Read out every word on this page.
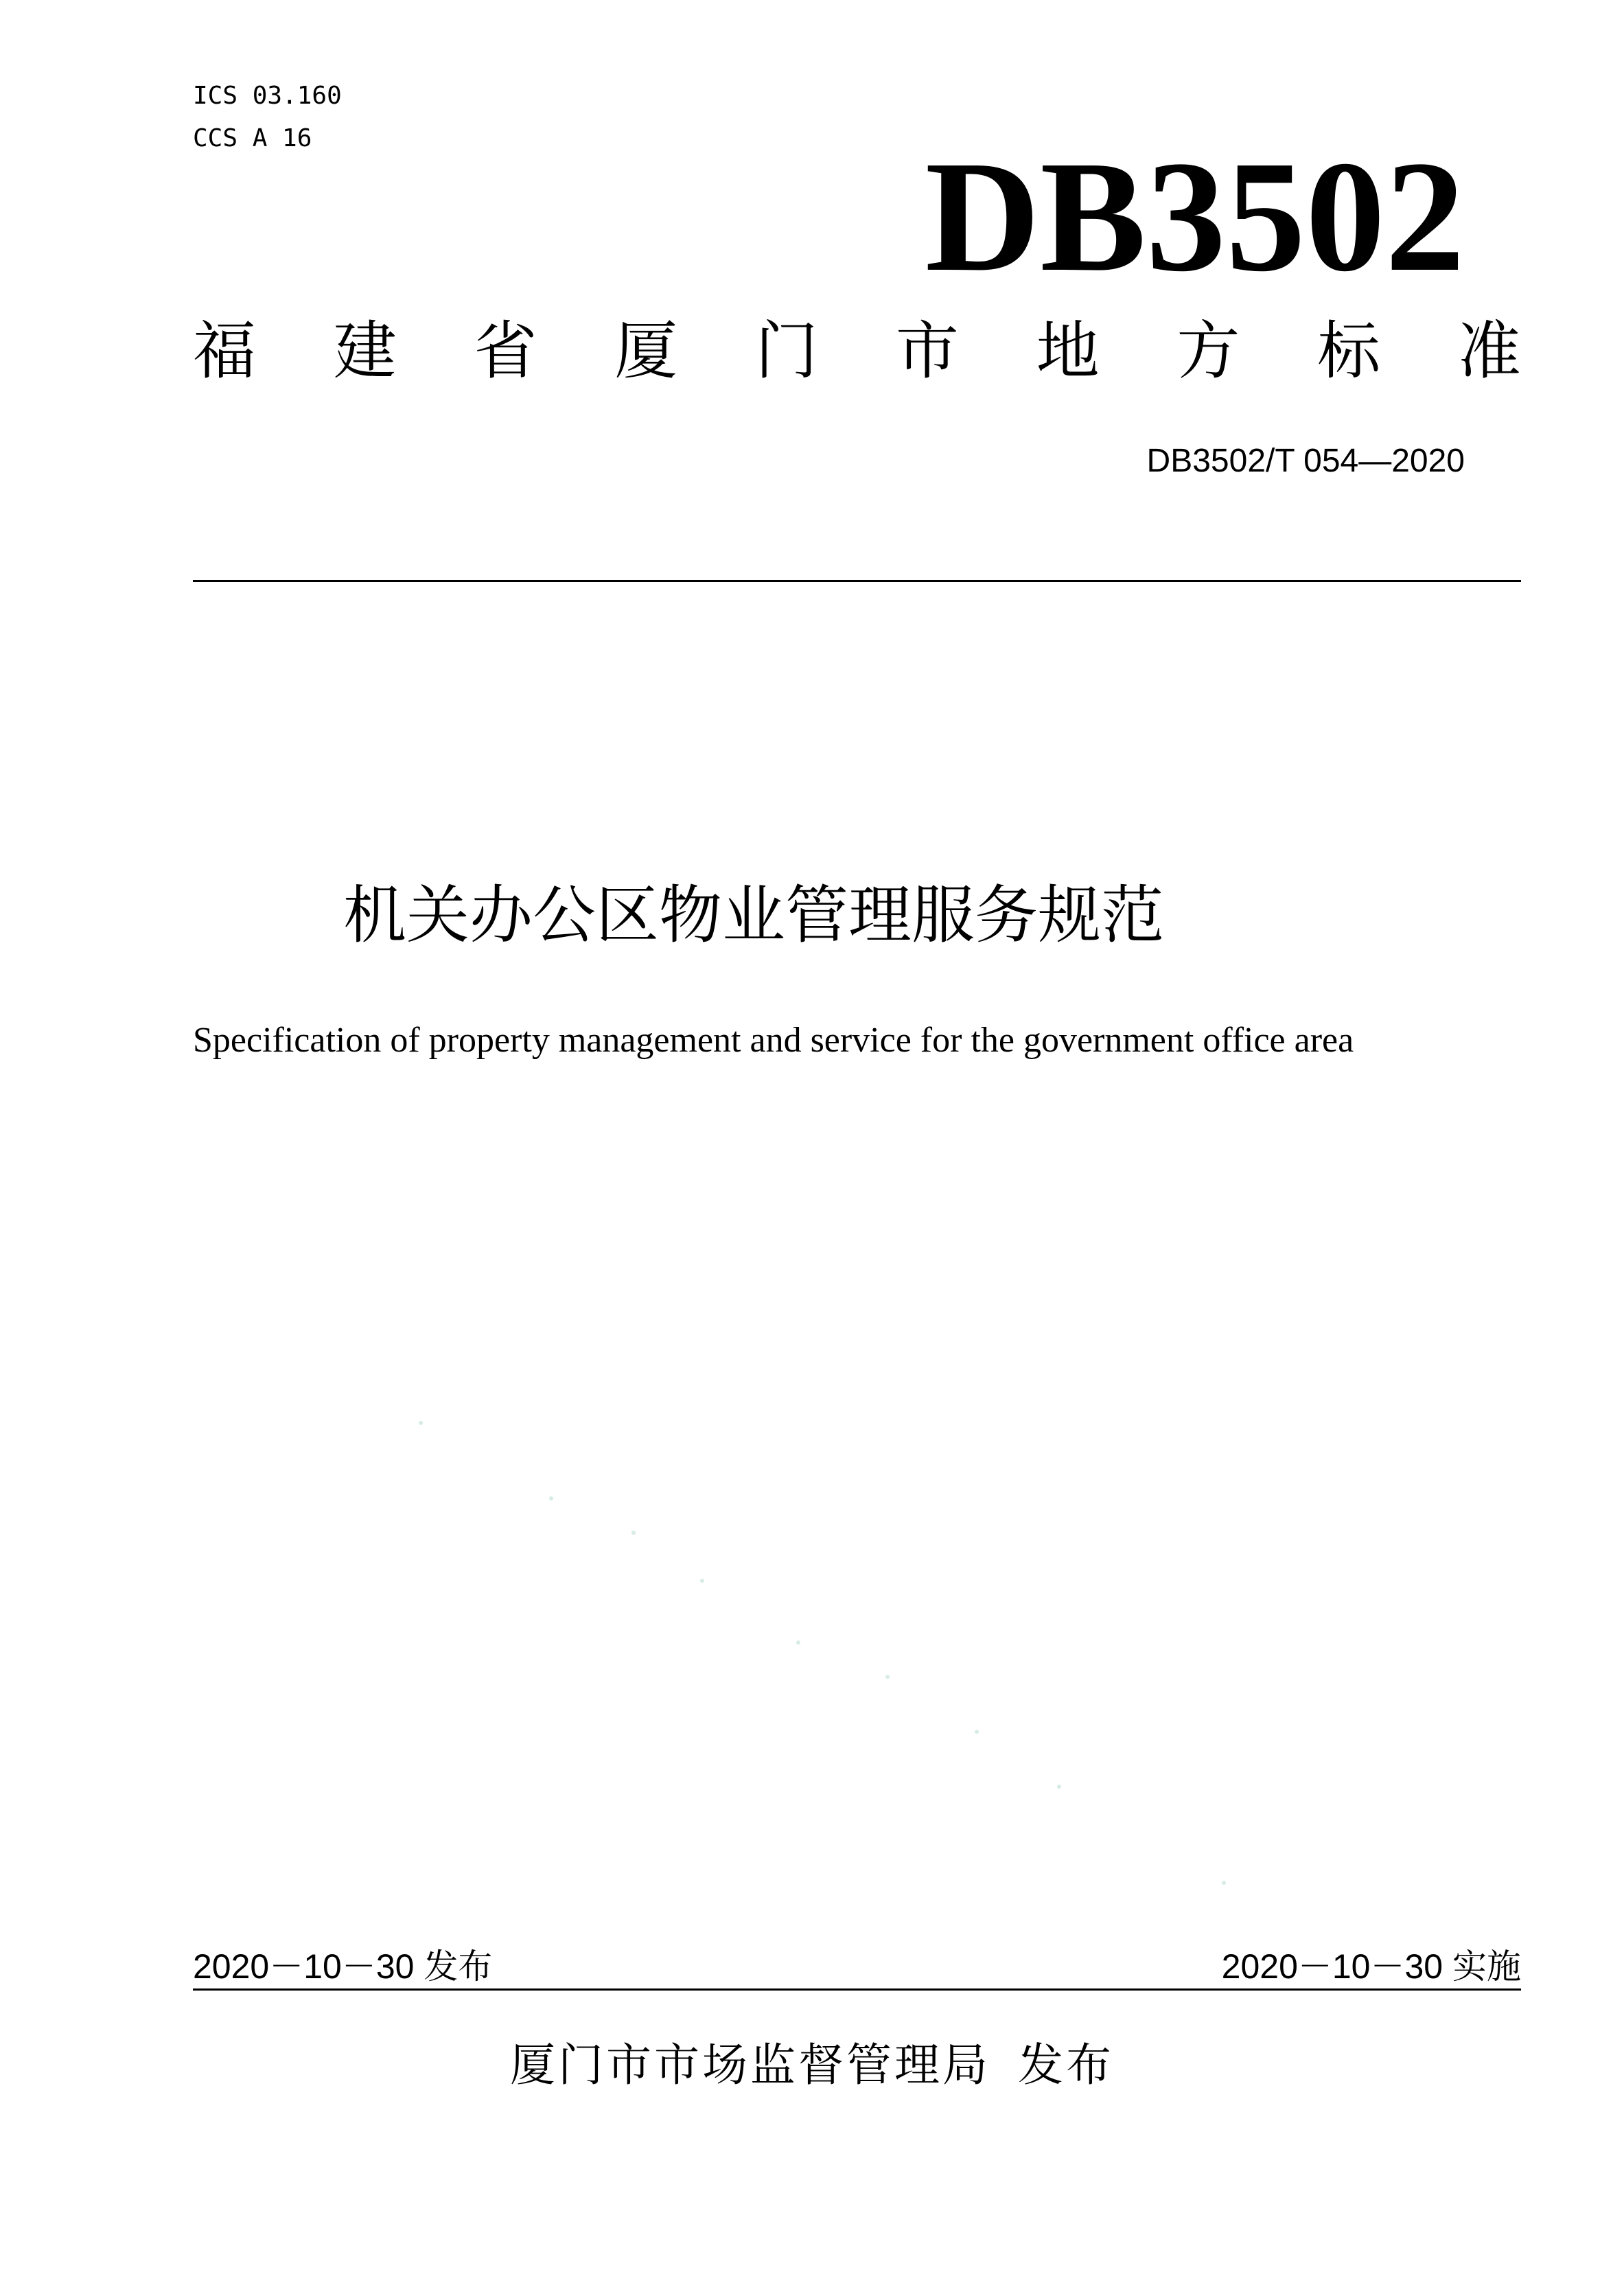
ICS 03.160
CCS A 16	DB3502
福 建 省 厦 门 市 地 方 标 准
DB3502/T 054—2020
机关办公区物业管理服务规范
Specification of property management and service for the government office area
2020－10－30 发布	2020－10－30 实施
厦门市市场监督管理局 发布
